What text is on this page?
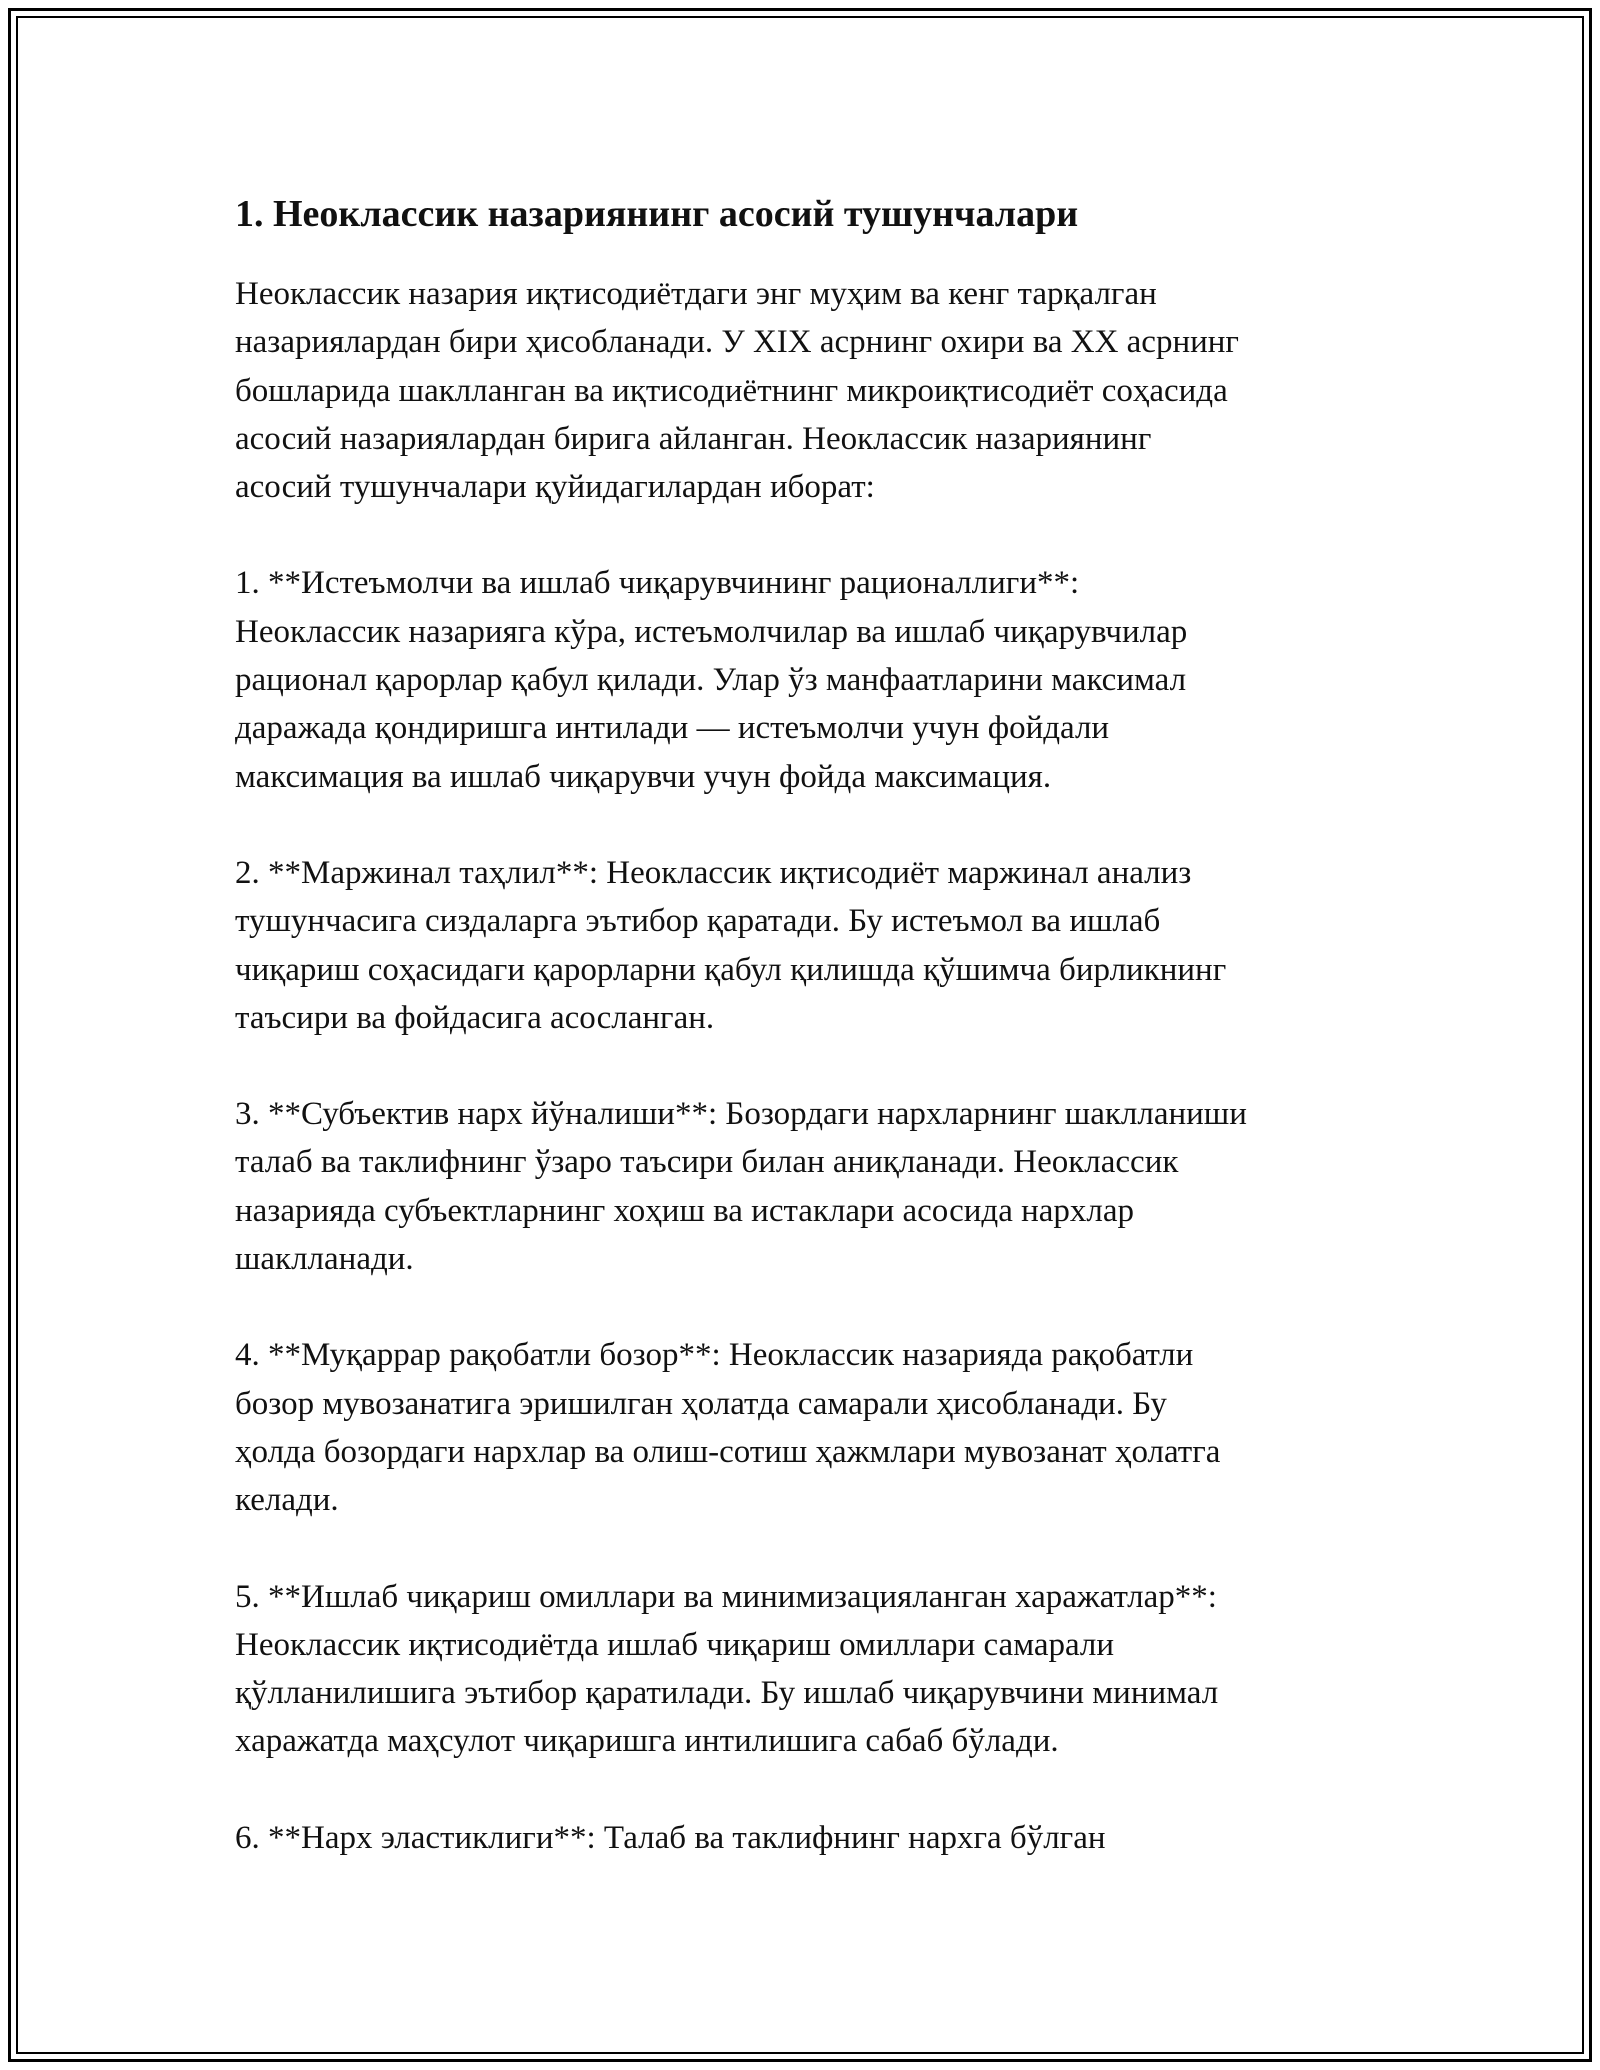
1. Неоклассик назариянинг асосий тушунчалари

Неоклассик назария иқтисодиётдаги энг муҳим ва кенг тарқалган
назариялардан бири ҳисобланади. У XIX асрнинг охири ва XX асрнинг
бошларида шаклланган ва иқтисодиётнинг микроиқтисодиёт соҳасида
асосий назариялардан бирига айланган. Неоклассик назариянинг
асосий тушунчалари қуйидагилардан иборат:

1. **Истеъмолчи ва ишлаб чиқарувчининг рационаллиги**:
Неоклассик назарияга кўра, истеъмолчилар ва ишлаб чиқарувчилар
рационал қарорлар қабул қилади. Улар ўз манфаатларини максимал
даражада қондиришга интилади — истеъмолчи учун фойдали
максимация ва ишлаб чиқарувчи учун фойда максимация.

2. **Маржинал таҳлил**: Неоклассик иқтисодиёт маржинал анализ
тушунчасига сиздаларга эътибор қаратади. Бу истеъмол ва ишлаб
чиқариш соҳасидаги қарорларни қабул қилишда қўшимча бирликнинг
таъсири ва фойдасига асосланган.

3. **Субъектив нарх йўналиши**: Бозордаги нархларнинг шаклланиши
талаб ва таклифнинг ўзаро таъсири билан аниқланади. Неоклассик
назарияда субъектларнинг хоҳиш ва истаклари асосида нархлар
шаклланади.

4. **Муқаррар рақобатли бозор**: Неоклассик назарияда рақобатли
бозор мувозанатига эришилган ҳолатда самарали ҳисобланади. Бу
ҳолда бозордаги нархлар ва олиш-сотиш ҳажмлари мувозанат ҳолатга
келади.

5. **Ишлаб чиқариш омиллари ва минимизацияланган харажатлар**:
Неоклассик иқтисодиётда ишлаб чиқариш омиллари самарали
қўлланилишига эътибор қаратилади. Бу ишлаб чиқарувчини минимал
харажатда маҳсулот чиқаришга интилишига сабаб бўлади.

6. **Нарх эластиклиги**: Талаб ва таклифнинг нархга бўлган
